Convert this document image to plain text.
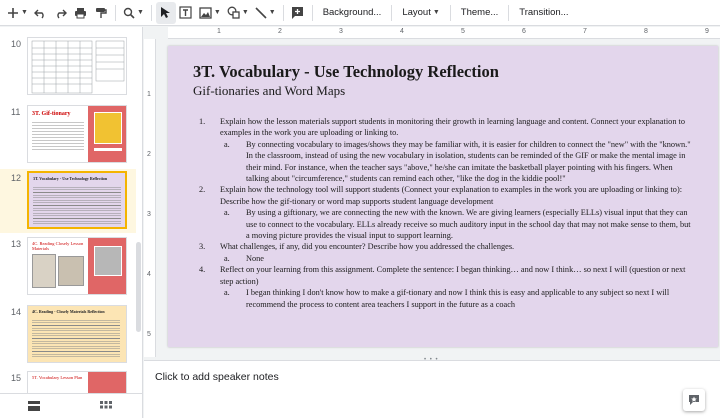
▼	▼	▼	▼	▼	Background...	Layout ▼	Theme...	Transition...
10
11 3T. Gif-tionary
12	3T. Vocabulary - Use Technology Reflection
13 4C. Reading Closely Lesson Materials
14	4C. Reading - Closely Materials Reflection
15 5T. Vocabulary Lesson Plan
1	2	3	4	5	6	7	8	9
1
2
3
4
5
3T. Vocabulary - Use Technology Reflection
Gif-tionaries and Word Maps
1.	Explain how the lesson materials support students in monitoring their growth in learning language and content. Connect your explanation to examples in the work you are uploading or linking to.
a.	By connecting vocabulary to images/shows they may be familiar with, it is easier for children to connect the "new" with the "known." In the classroom, instead of using the new vocabulary in isolation, students can be reminded of the GIF or make the mental image in their mind. For instance, when the teacher says "above," he/she can imitate the basketball player pointing with his fingers. When talking about "circumference," students can remind each other, "like the dog in the kiddie pool!"
2.	Explain how the technology tool will support students (Connect your explanation to examples in the work you are uploading or linking to): Describe how the gif-tionary or word map supports student language development
a.	By using a giftionary, we are connecting the new with the known. We are giving learners (especially ELLs) visual input that they can use to connect to the vocabulary. ELLs already receive so much auditory input in the school day that may not make sense to them, but a moving picture provides the visual input to support learning.
3.	What challenges, if any, did you encounter? Describe how you addressed the challenges.
a.	None
4.	Reflect on your learning from this assignment. Complete the sentence: I began thinking… and now I think… so next I will (question or next step action)
a.	I began thinking I don't know how to make a gif-tionary and now I think this is easy and applicable to any subject so next I will recommend the process to content area teachers I support in the future as a coach
Click to add speaker notes
